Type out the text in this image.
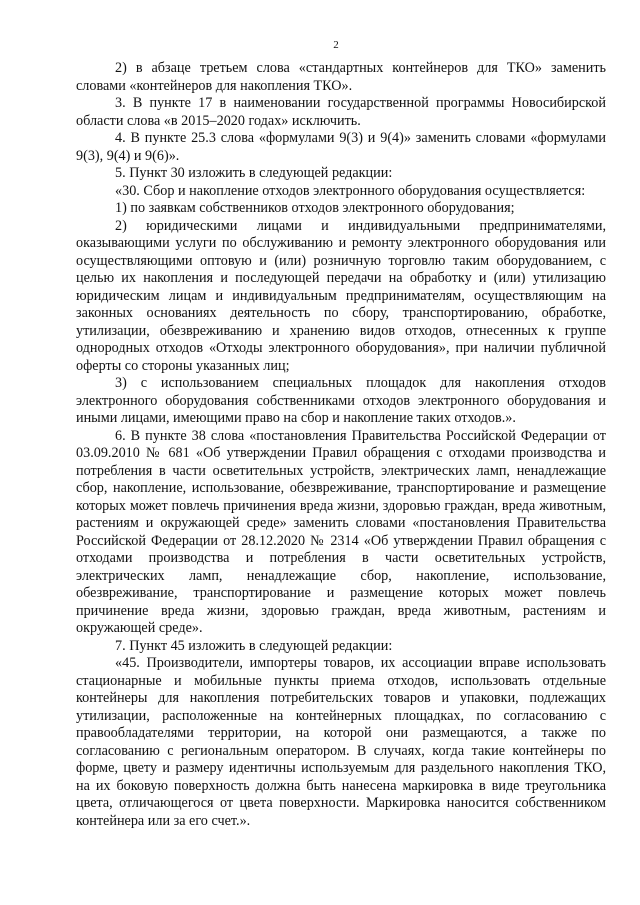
2

2) в абзаце третьем слова «стандартных контейнеров для ТКО» заменить словами «контейнеров для накопления ТКО».

3. В пункте 17 в наименовании государственной программы Новосибирской области слова «в 2015–2020 годах» исключить.

4. В пункте 25.3 слова «формулами 9(3) и 9(4)» заменить словами «формулами 9(3), 9(4) и 9(6)».

5. Пункт 30 изложить в следующей редакции:

«30. Сбор и накопление отходов электронного оборудования осуществляется:

1) по заявкам собственников отходов электронного оборудования;

2) юридическими лицами и индивидуальными предпринимателями, оказывающими услуги по обслуживанию и ремонту электронного оборудования или осуществляющими оптовую и (или) розничную торговлю таким оборудованием, с целью их накопления и последующей передачи на обработку и (или) утилизацию юридическим лицам и индивидуальным предпринимателям, осуществляющим на законных основаниях деятельность по сбору, транспортированию, обработке, утилизации, обезвреживанию и хранению видов отходов, отнесенных к группе однородных отходов «Отходы электронного оборудования», при наличии публичной оферты со стороны указанных лиц;

3) с использованием специальных площадок для накопления отходов электронного оборудования собственниками отходов электронного оборудования и иными лицами, имеющими право на сбор и накопление таких отходов.».

6. В пункте 38 слова «постановления Правительства Российской Федерации от 03.09.2010 № 681 «Об утверждении Правил обращения с отходами производства и потребления в части осветительных устройств, электрических ламп, ненадлежащие сбор, накопление, использование, обезвреживание, транспортирование и размещение которых может повлечь причинения вреда жизни, здоровью граждан, вреда животным, растениям и окружающей среде» заменить словами «постановления Правительства Российской Федерации от 28.12.2020 № 2314 «Об утверждении Правил обращения с отходами производства и потребления в части осветительных устройств, электрических ламп, ненадлежащие сбор, накопление, использование, обезвреживание, транспортирование и размещение которых может повлечь причинение вреда жизни, здоровью граждан, вреда животным, растениям и окружающей среде».

7. Пункт 45 изложить в следующей редакции:

«45. Производители, импортеры товаров, их ассоциации вправе использовать стационарные и мобильные пункты приема отходов, использовать отдельные контейнеры для накопления потребительских товаров и упаковки, подлежащих утилизации, расположенные на контейнерных площадках, по согласованию с правообладателями территории, на которой они размещаются, а также по согласованию с региональным оператором. В случаях, когда такие контейнеры по форме, цвету и размеру идентичны используемым для раздельного накопления ТКО, на их боковую поверхность должна быть нанесена маркировка в виде треугольника цвета, отличающегося от цвета поверхности. Маркировка наносится собственником контейнера или за его счет.».
